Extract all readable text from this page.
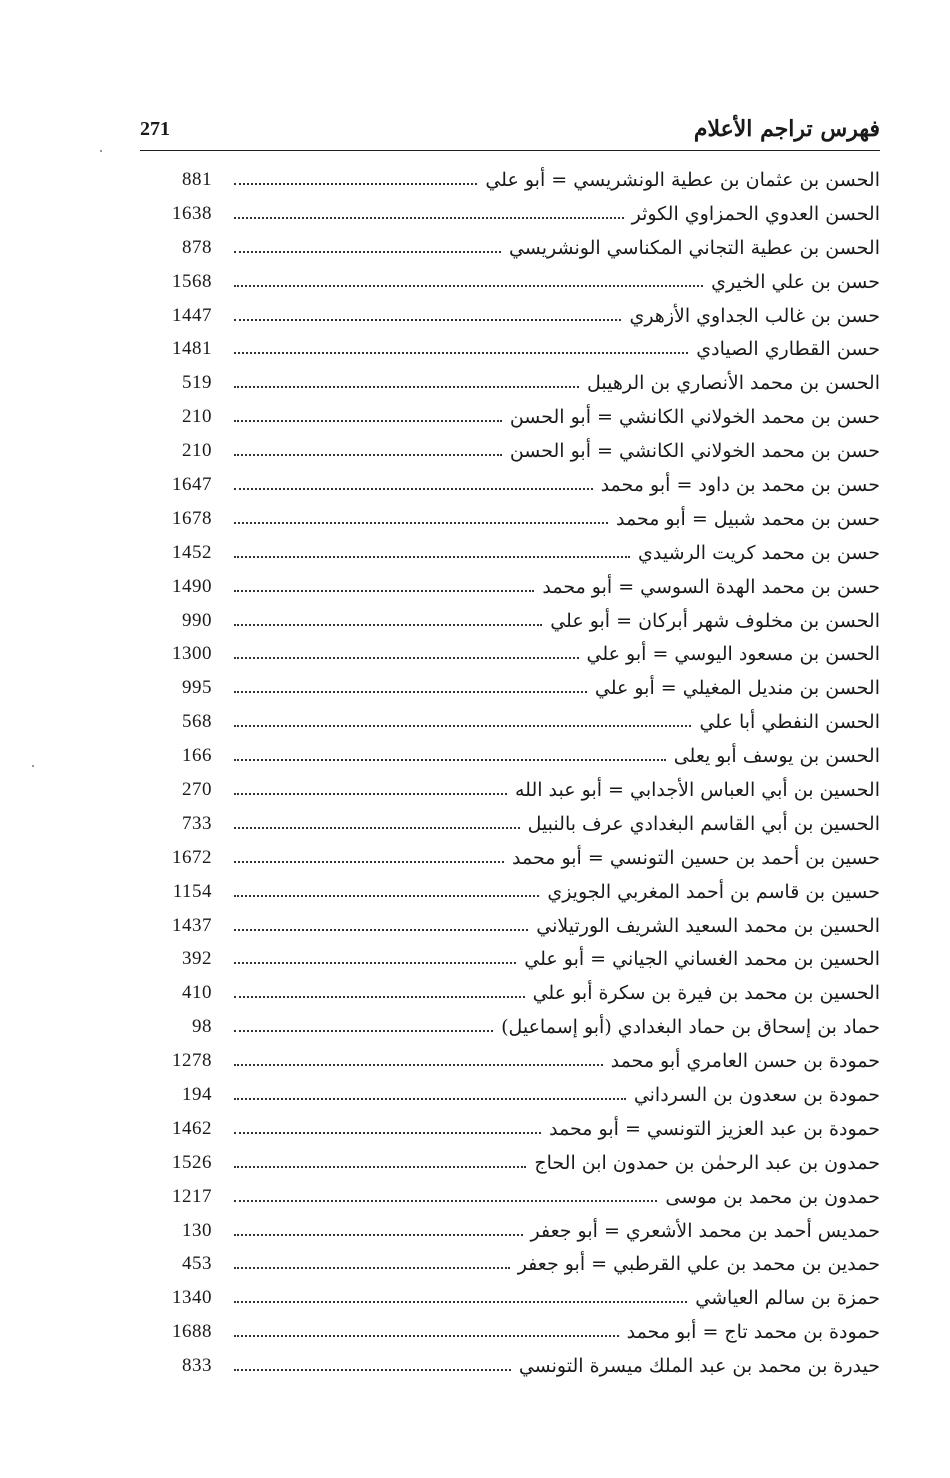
فهرس تراجم الأعلام
271
881	الحسن بن عثمان بن عطية الونشريسي = أبو علي
1638	الحسن العدوي الحمزاوي الكوثر
878	الحسن بن عطية التجاني المكناسي الونشريسي
1568	حسن بن علي الخيري
1447	حسن بن غالب الجداوي الأزهري
1481	حسن القطاري الصيادي
519	الحسن بن محمد الأنصاري بن الرهيبل
210	حسن بن محمد الخولاني الكانشي = أبو الحسن
210	حسن بن محمد الخولاني الكانشي = أبو الحسن
1647	حسن بن محمد بن داود = أبو محمد
1678	حسن بن محمد شبيل = أبو محمد
1452	حسن بن محمد كريت الرشيدي
1490	حسن بن محمد الهدة السوسي = أبو محمد
990	الحسن بن مخلوف شهر أبركان = أبو علي
1300	الحسن بن مسعود اليوسي = أبو علي
995	الحسن بن منديل المغيلي = أبو علي
568	الحسن النفطي أبا علي
166	الحسن بن يوسف أبو يعلى
270	الحسين بن أبي العباس الأجدابي = أبو عبد الله
733	الحسين بن أبي القاسم البغدادي عرف بالنبيل
1672	حسين بن أحمد بن حسين التونسي = أبو محمد
1154	حسين بن قاسم بن أحمد المغربي الجويزي
1437	الحسين بن محمد السعيد الشريف الورتيلاني
392	الحسين بن محمد الغساني الجياني = أبو علي
410	الحسين بن محمد بن فيرة بن سكرة أبو علي
98	حماد بن إسحاق بن حماد البغدادي (أبو إسماعيل)
1278	حمودة بن حسن العامري أبو محمد
194	حمودة بن سعدون بن السرداني
1462	حمودة بن عبد العزيز التونسي = أبو محمد
1526	حمدون بن عبد الرحمٰن بن حمدون ابن الحاج
1217	حمدون بن محمد بن موسى
130	حمديس أحمد بن محمد الأشعري = أبو جعفر
453	حمدين بن محمد بن علي القرطبي = أبو جعفر
1340	حمزة بن سالم العياشي
1688	حمودة بن محمد تاج = أبو محمد
833	حيدرة بن محمد بن عبد الملك ميسرة التونسي
